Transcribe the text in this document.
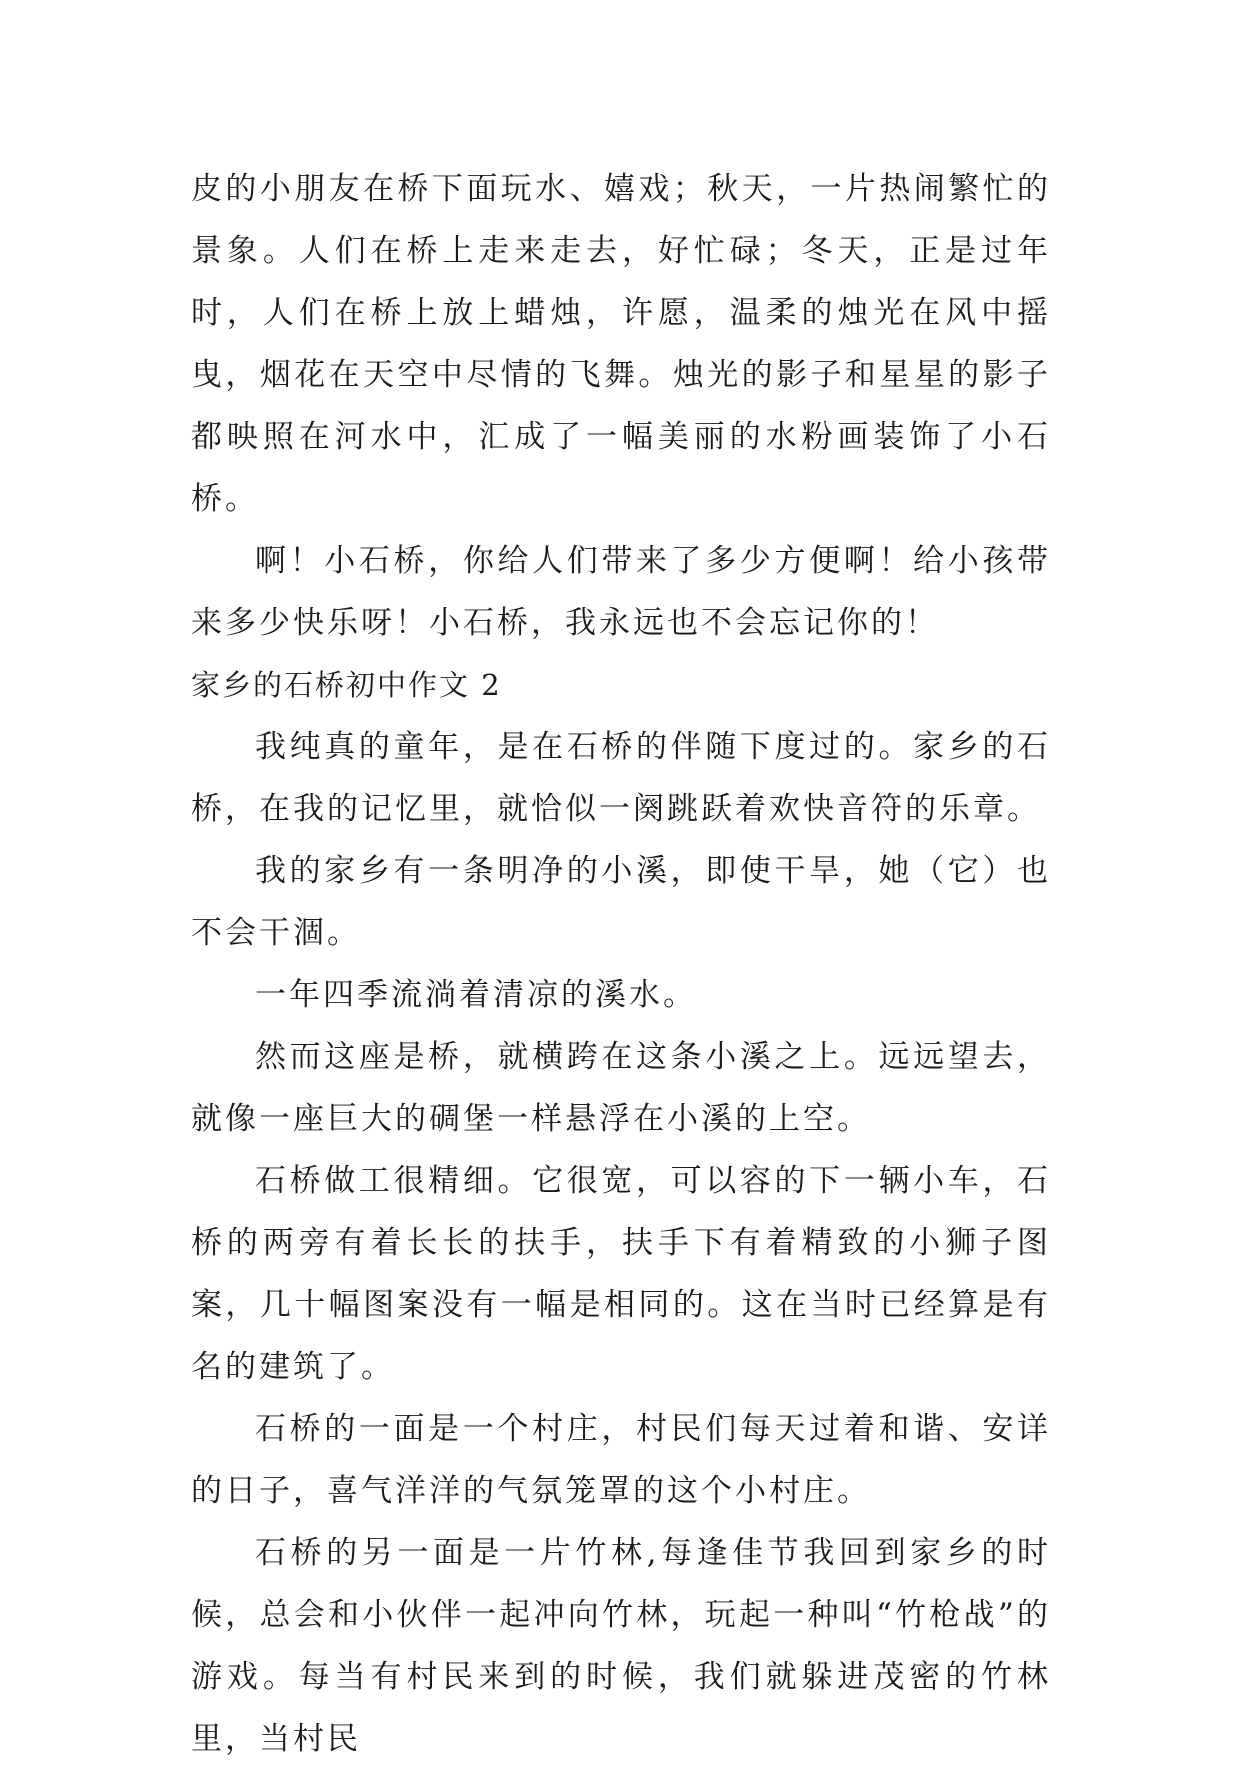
皮的小朋友在桥下面玩水、嬉戏；秋天，一片热闹繁忙的景象。人们在桥上走来走去，好忙碌；冬天，正是过年时，人们在桥上放上蜡烛，许愿，温柔的烛光在风中摇曳，烟花在天空中尽情的飞舞。烛光的影子和星星的影子都映照在河水中，汇成了一幅美丽的水粉画装饰了小石桥。

啊！小石桥，你给人们带来了多少方便啊！给小孩带来多少快乐呀！小石桥，我永远也不会忘记你的！

家乡的石桥初中作文 2

我纯真的童年，是在石桥的伴随下度过的。家乡的石桥，在我的记忆里，就恰似一阕跳跃着欢快音符的乐章。

我的家乡有一条明净的小溪，即使干旱，她（它）也不会干涸。

一年四季流淌着清凉的溪水。

然而这座是桥，就横跨在这条小溪之上。远远望去，就像一座巨大的碉堡一样悬浮在小溪的上空。

石桥做工很精细。它很宽，可以容的下一辆小车，石桥的两旁有着长长的扶手，扶手下有着精致的小狮子图案，几十幅图案没有一幅是相同的。这在当时已经算是有名的建筑了。

石桥的一面是一个村庄，村民们每天过着和谐、安详的日子，喜气洋洋的气氛笼罩的这个小村庄。

石桥的另一面是一片竹林,每逢佳节我回到家乡的时候，总会和小伙伴一起冲向竹林，玩起一种叫“竹枪战”的游戏。每当有村民来到的时候，我们就躲进茂密的竹林里，当村民
